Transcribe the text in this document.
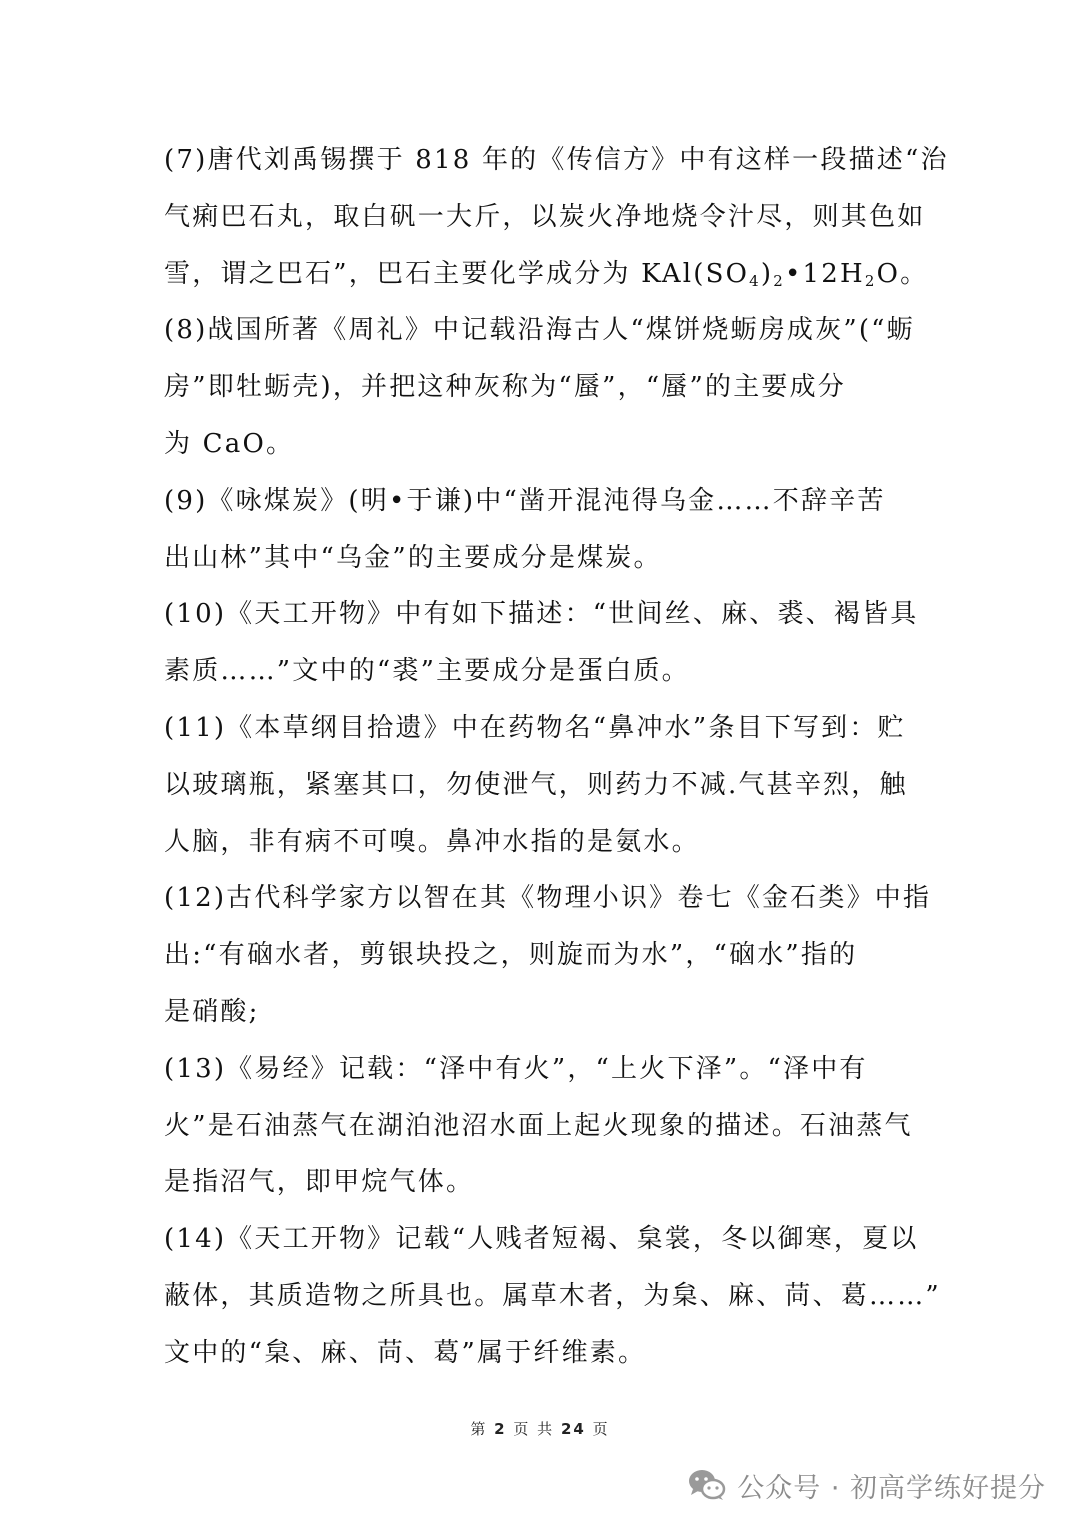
(7)唐代刘禹锡撰于 818 年的《传信方》中有这样一段描述“治
气痢巴石丸，取白矾一大斤，以炭火净地烧令汁尽，则其色如
雪，谓之巴石”，巴石主要化学成分为 $KAl(SO_4)_2•12H_2O$。

(8)战国所著《周礼》中记载沿海古人“煤饼烧蛎房成灰”(“蛎
房”即牡蛎壳)，并把这种灰称为“蜃”，“蜃”的主要成分
为 CaO。

(9)《咏煤炭》(明•于谦)中“凿开混沌得乌金……不辞辛苦
出山林”其中“乌金”的主要成分是煤炭。

(10)《天工开物》中有如下描述：“世间丝、麻、裘、褐皆具
素质……”文中的“裘”主要成分是蛋白质。

(11)《本草纲目拾遗》中在药物名“鼻冲水”条目下写到：贮
以玻璃瓶，紧塞其口，勿使泄气，则药力不减.气甚辛烈，触
人脑，非有病不可嗅。鼻冲水指的是氨水。

(12)古代科学家方以智在其《物理小识》卷七《金石类》中指
出:“有硇水者，剪银块投之，则旋而为水”，“硇水”指的
是硝酸;

(13)《易经》记载：“泽中有火”，“上火下泽”。“泽中有
火”是石油蒸气在湖泊池沼水面上起火现象的描述。石油蒸气
是指沼气，即甲烷气体。

(14)《天工开物》记载“人贱者短褐、枲裳，冬以御寒，夏以
蔽体，其质造物之所具也。属草木者，为枲、麻、苘、葛……”
文中的“枲、麻、苘、葛”属于纤维素。

第 2 页 共 24 页
公众号 · 初高学练好提分
